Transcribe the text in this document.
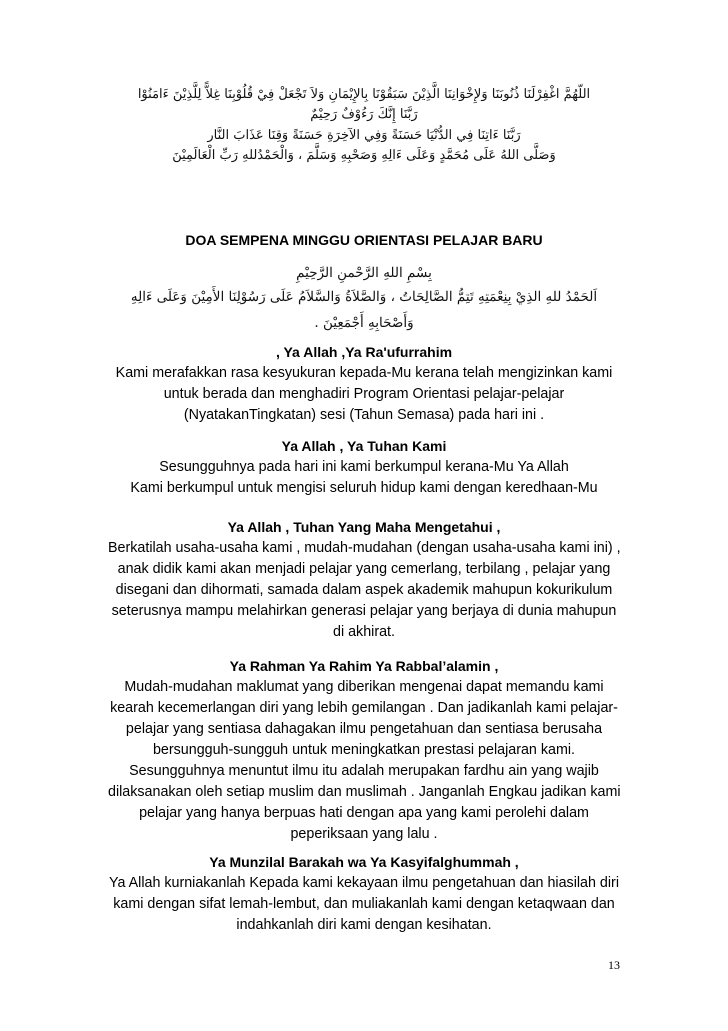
اللّهُمَّ اغْفِرْلَنَا ذُنُوبَنَا وَلإِخْوَانِنَا الَّذِيْنَ سَبَقُوْنَا بِالإِيْمَانِ وَلاَ تَجْعَلْ فِيْ قُلُوْبِنَا غِلاًّ لِلَّذِيْنَ ءَامَنُوْا
رَبَّنَا إِنَّكَ رَءُوْفٌ رَحِيْمٌ
رَبَّنَا ءَاتِنَا فِي الدُّنْيَا حَسَنَةً وَفِي الآخِرَةِ حَسَنَةً وَقِنَا عَذَابَ النَّار
وَصَلَّى اللهُ عَلَى مُحَمَّدٍ وَعَلَى ءَالِهِ وَصَحْبِهِ وَسَلَّمَ ، وَالْحَمْدُللهِ رَبِّ الْعَالَمِيْنَ
DOA SEMPENA MINGGU ORIENTASI PELAJAR BARU
بِسْمِ اللهِ الرَّحْمنِ الرَّحِيْمِ
اَلحَمْدُ للهِ الذِيْ بِنِعْمَتِهِ تَتِمُّ الصَّالِحَاتُ ، وَالصَّلاَةُ وَالسَّلاَمُ عَلَى رَسُوْلِنَا الأَمِيْنَ وَعَلَى ءَالِهِ
وَأَصْحَابِهِ أَجْمَعِيْنَ .
, Ya Allah ,Ya Ra'ufurrahim
Kami merafakkan rasa kesyukuran kepada-Mu kerana telah mengizinkan kami
untuk berada dan menghadiri Program Orientasi pelajar-pelajar
(NyatakanTingkatan) sesi (Tahun Semasa) pada hari ini .
Ya Allah , Ya Tuhan Kami
Sesungguhnya pada hari ini kami berkumpul kerana-Mu Ya Allah
Kami berkumpul untuk mengisi seluruh hidup kami dengan keredhaan-Mu
Ya Allah , Tuhan Yang Maha Mengetahui ,
Berkatilah usaha-usaha kami , mudah-mudahan (dengan usaha-usaha kami ini) ,
anak didik kami akan menjadi pelajar yang cemerlang, terbilang , pelajar yang
disegani dan dihormati, samada dalam aspek akademik mahupun kokurikulum
seterusnya mampu melahirkan generasi pelajar yang berjaya di dunia mahupun
di akhirat.
Ya Rahman Ya Rahim Ya Rabbal’alamin ,
Mudah-mudahan maklumat yang diberikan mengenai dapat memandu kami
kearah kecemerlangan diri yang lebih gemilangan . Dan jadikanlah kami pelajar-
pelajar yang sentiasa dahagakan ilmu pengetahuan dan sentiasa berusaha
bersungguh-sungguh untuk meningkatkan prestasi pelajaran kami.
Sesungguhnya menuntut ilmu itu adalah merupakan fardhu ain yang wajib
dilaksanakan oleh setiap muslim dan muslimah . Janganlah Engkau jadikan kami
pelajar yang hanya berpuas hati dengan apa yang kami perolehi dalam
peperiksaan yang lalu .
Ya Munzilal Barakah wa Ya Kasyifalghummah ,
Ya Allah kurniakanlah Kepada kami kekayaan ilmu pengetahuan dan hiasilah diri
kami dengan sifat lemah-lembut, dan muliakanlah kami dengan ketaqwaan dan
indahkanlah diri kami dengan kesihatan.
13
